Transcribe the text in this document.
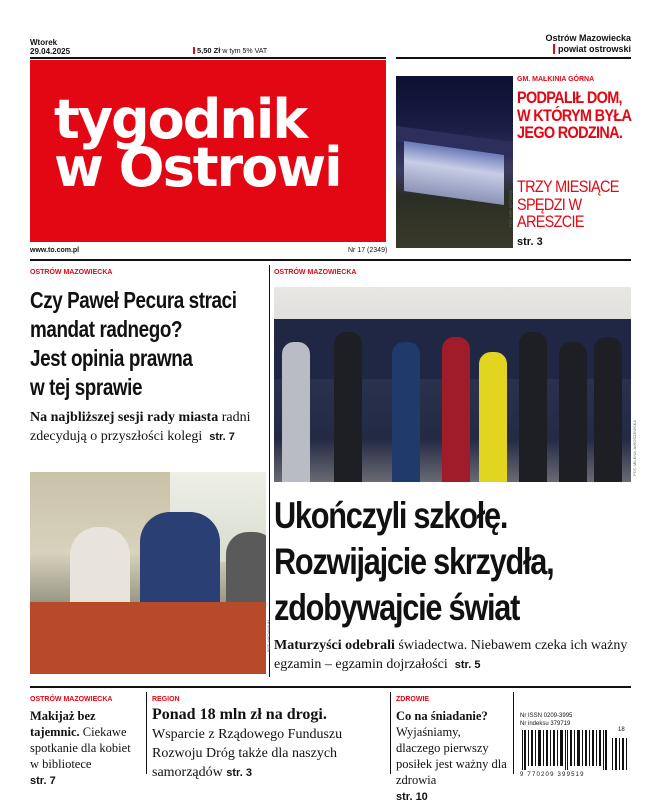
Wtorek
29.04.2025	5,50 Zł w tym 5% VAT
Ostrów Mazowiecka
powiat ostrowski
tygodnik
w Ostrowi
www.to.com.pl	Nr 17 (2349)
FOT. KPP OSTRÓW
GM. MAŁKINIA GÓRNA
PODPALIŁ DOM, W KTÓRYM BYŁA JEGO RODZINA.
TRZY MIESIĄCE SPĘDZI W ARESZCIE
str. 3
OSTRÓW MAZOWIECKA
Czy Paweł Pecura straci
mandat radnego?
Jest opinia prawna
w tej sprawie
Na najbliższej sesji rady miasta radni zdecydują o przyszłości kolegi str. 7
FOT. ARCHIWUM
OSTRÓW MAZOWIECKA
FOT. MILENA JAROSZEWSKA
Ukończyli szkołę.
Rozwijajcie skrzydła,
zdobywajcie świat
Maturzyści odebrali świadectwa. Niebawem czeka ich ważny egzamin – egzamin dojrzałości str. 5
OSTRÓW MAZOWIECKA
Makijaż bez tajemnic. Ciekawe spotkanie dla kobiet w bibliotece
str. 7
REGION
Ponad 18 mln zł na drogi.
Wsparcie z Rządowego Funduszu Rozwoju Dróg także dla naszych samorządów str. 3
ZDROWIE
Co na śniadanie?
Wyjaśniamy, dlaczego pierwszy posiłek jest ważny dla zdrowia
str. 10
Nr ISSN 0209-3995
Nr indeksu 379719
18
9 770209 399519
